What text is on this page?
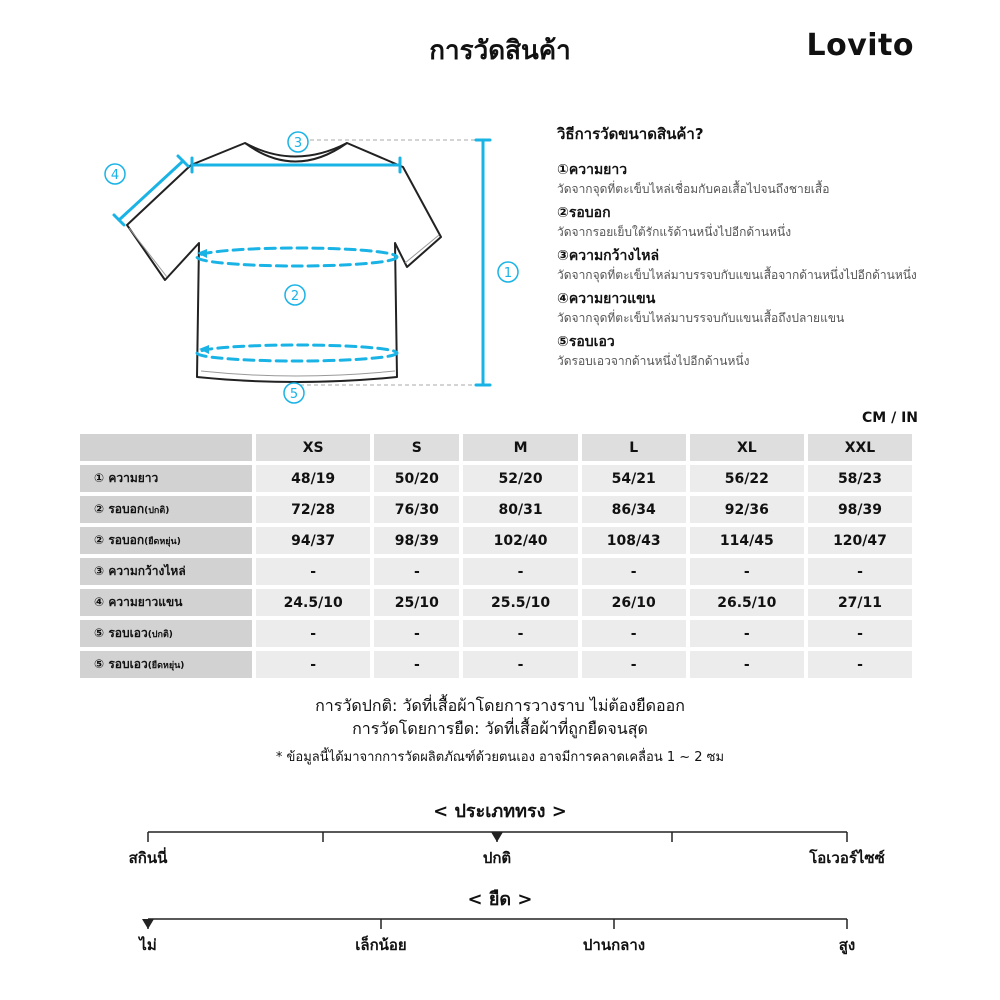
การวัดสินค้า	Lovito
1
2
3
4
5
วิธีการวัดขนาดสินค้า?
①ความยาว
วัดจากจุดที่ตะเข็บไหล่เชื่อมกับคอเสื้อไปจนถึงชายเสื้อ
②รอบอก
วัดจากรอยเย็บใต้รักแร้ด้านหนึ่งไปอีกด้านหนึ่ง
③ความกว้างไหล่
วัดจากจุดที่ตะเข็บไหล่มาบรรจบกับแขนเสื้อจากด้านหนึ่งไปอีกด้านหนึ่ง
④ความยาวแขน
วัดจากจุดที่ตะเข็บไหล่มาบรรจบกับแขนเสื้อถึงปลายแขน
⑤รอบเอว
วัดรอบเอวจากด้านหนึ่งไปอีกด้านหนึ่ง
CM / IN
	XS	S	M	L	XL	XXL
① ความยาว	48/19	50/20	52/20	54/21	56/22	58/23
② รอบอก(ปกติ)	72/28	76/30	80/31	86/34	92/36	98/39
② รอบอก(ยืดหยุ่น)	94/37	98/39	102/40	108/43	114/45	120/47
③ ความกว้างไหล่	-	-	-	-	-	-
④ ความยาวแขน	24.5/10	25/10	25.5/10	26/10	26.5/10	27/11
⑤ รอบเอว(ปกติ)	-	-	-	-	-	-
⑤ รอบเอว(ยืดหยุ่น)	-	-	-	-	-	-
การวัดปกติ: วัดที่เสื้อผ้าโดยการวางราบ ไม่ต้องยืดออก
การวัดโดยการยืด: วัดที่เสื้อผ้าที่ถูกยืดจนสุด
* ข้อมูลนี้ได้มาจากการวัดผลิตภัณฑ์ด้วยตนเอง อาจมีการคลาดเคลื่อน 1 ~ 2 ซม
< ประเภททรง >
สกินนี่	ปกติ	โอเวอร์ไซซ์
< ยืด >
ไม่	เล็กน้อย	ปานกลาง	สูง
